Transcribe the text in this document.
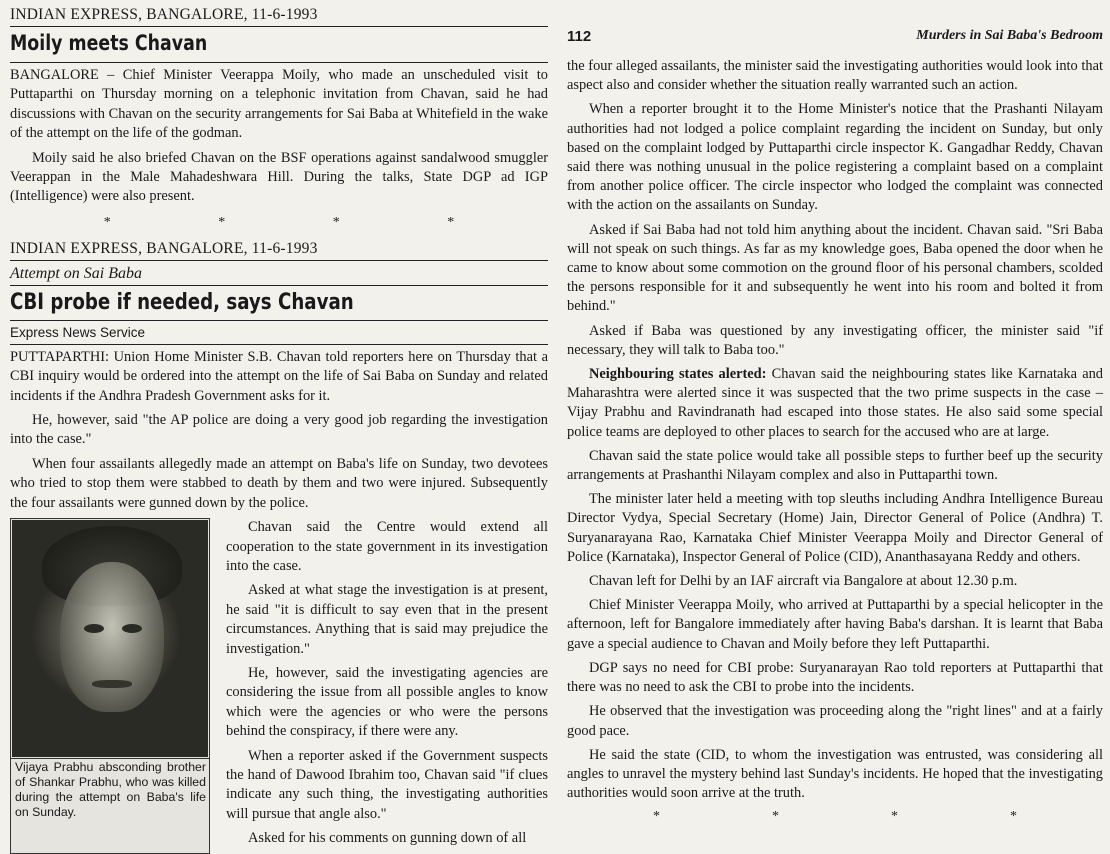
INDIAN EXPRESS, BANGALORE, 11-6-1993

Moily meets Chavan

BANGALORE – Chief Minister Veerappa Moily, who made an unscheduled visit to Puttaparthi on Thursday morning on a telephonic invitation from Chavan, said he had discussions with Chavan on the security arrangements for Sai Baba at Whitefield in the wake of the attempt on the life of the godman.

Moily said he also briefed Chavan on the BSF operations against sandalwood smuggler Veerappan in the Male Mahadeshwara Hill. During the talks, State DGP ad IGP (Intelligence) were also present.

*	*	*	*

INDIAN EXPRESS, BANGALORE, 11-6-1993

Attempt on Sai Baba
CBI probe if needed, says Chavan
Express News Service

PUTTAPARTHI: Union Home Minister S.B. Chavan told reporters here on Thursday that a CBI inquiry would be ordered into the attempt on the life of Sai Baba on Sunday and related incidents if the Andhra Pradesh Government asks for it.

He, however, said "the AP police are doing a very good job regarding the investigation into the case."

When four assailants allegedly made an attempt on Baba's life on Sunday, two devotees who tried to stop them were stabbed to death by them and two were injured. Subsequently the four assailants were gunned down by the police.

Vijaya Prabhu absconding brother of Shankar Prabhu, who was killed during the attempt on Baba's life on Sunday.

Chavan said the Centre would extend all cooperation to the state government in its investigation into the case.

Asked at what stage the investigation is at present, he said "it is difficult to say even that in the present circumstances. Anything that is said may prejudice the investigation."

He, however, said the investigating agencies are considering the issue from all possible angles to know which were the agencies or who were the persons behind the conspiracy, if there were any.

When a reporter asked if the Government suspects the hand of Dawood Ibrahim too, Chavan said "if clues indicate any such thing, the investigating authorities will pursue that angle also."

Asked for his comments on gunning down of all

112	Murders in Sai Baba's Bedroom

the four alleged assailants, the minister said the investigating authorities would look into that aspect also and consider whether the situation really warranted such an action.

When a reporter brought it to the Home Minister's notice that the Prashanti Nilayam authorities had not lodged a police complaint regarding the incident on Sunday, but only based on the complaint lodged by Puttaparthi circle inspector K. Gangadhar Reddy, Chavan said there was nothing unusual in the police registering a complaint based on a complaint from another police officer. The circle inspector who lodged the complaint was connected with the action on the assailants on Sunday.

Asked if Sai Baba had not told him anything about the incident. Chavan said. "Sri Baba will not speak on such things. As far as my knowledge goes, Baba opened the door when he came to know about some commotion on the ground floor of his personal chambers, scolded the persons responsible for it and subsequently he went into his room and bolted it from behind."

Asked if Baba was questioned by any investigating officer, the minister said "if necessary, they will talk to Baba too."

Neighbouring states alerted: Chavan said the neighbouring states like Karnataka and Maharashtra were alerted since it was suspected that the two prime suspects in the case – Vijay Prabhu and Ravindranath had escaped into those states. He also said some special police teams are deployed to other places to search for the accused who are at large.

Chavan said the state police would take all possible steps to further beef up the security arrangements at Prashanthi Nilayam complex and also in Puttaparthi town.

The minister later held a meeting with top sleuths including Andhra Intelligence Bureau Director Vydya, Special Secretary (Home) Jain, Director General of Police (Andhra) T. Suryanarayana Rao, Karnataka Chief Minister Veerappa Moily and Director General of Police (Karnataka), Inspector General of Police (CID), Ananthasayana Reddy and others.

Chavan left for Delhi by an IAF aircraft via Bangalore at about 12.30 p.m.

Chief Minister Veerappa Moily, who arrived at Puttaparthi by a special helicopter in the afternoon, left for Bangalore immediately after having Baba's darshan. It is learnt that Baba gave a special audience to Chavan and Moily before they left Puttaparthi.

DGP says no need for CBI probe: Suryanarayan Rao told reporters at Puttaparthi that there was no need to ask the CBI to probe into the incidents.

He observed that the investigation was proceeding along the "right lines" and at a fairly good pace.

He said the state (CID, to whom the investigation was entrusted, was considering all angles to unravel the mystery behind last Sunday's incidents. He hoped that the investigating authorities would soon arrive at the truth.

*	*	*	*
